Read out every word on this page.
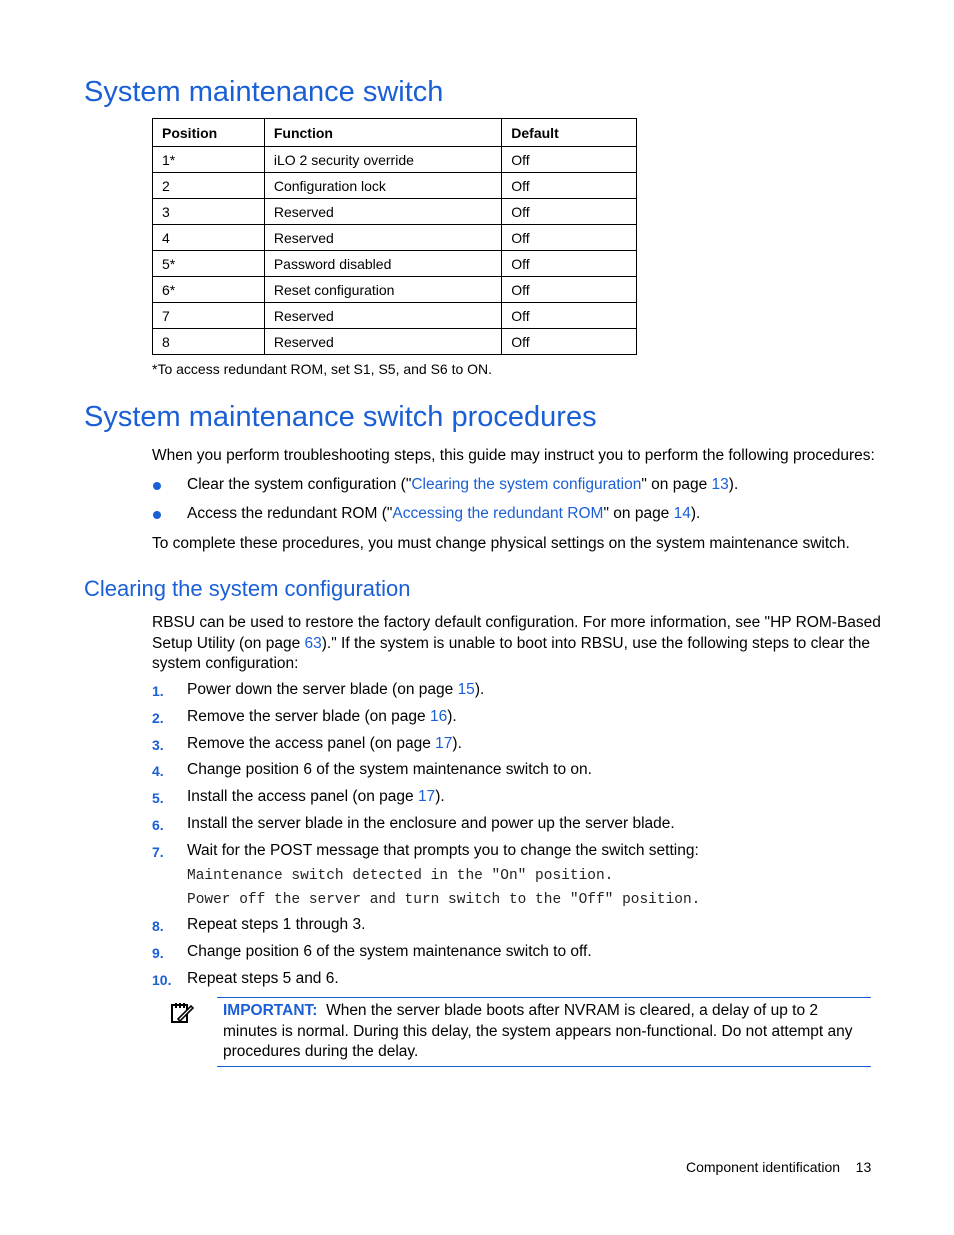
System maintenance switch
Position	Function	Default
1*	iLO 2 security override	Off
2	Configuration lock	Off
3	Reserved	Off
4	Reserved	Off
5*	Password disabled	Off
6*	Reset configuration	Off
7	Reserved	Off
8	Reserved	Off
*To access redundant ROM, set S1, S5, and S6 to ON.
System maintenance switch procedures
When you perform troubleshooting steps, this guide may instruct you to perform the following procedures:
Clear the system configuration ("Clearing the system configuration" on page 13).
Access the redundant ROM ("Accessing the redundant ROM" on page 14).
To complete these procedures, you must change physical settings on the system maintenance switch.
Clearing the system configuration
RBSU can be used to restore the factory default configuration. For more information, see "HP ROM-Based
Setup Utility (on page 63)." If the system is unable to boot into RBSU, use the following steps to clear the
system configuration:
1. Power down the server blade (on page 15).
2. Remove the server blade (on page 16).
3. Remove the access panel (on page 17).
4. Change position 6 of the system maintenance switch to on.
5. Install the access panel (on page 17).
6. Install the server blade in the enclosure and power up the server blade.
7. Wait for the POST message that prompts you to change the switch setting:
Maintenance switch detected in the "On" position.
Power off the server and turn switch to the "Off" position.
8. Repeat steps 1 through 3.
9. Change position 6 of the system maintenance switch to off.
10. Repeat steps 5 and 6.
IMPORTANT: When the server blade boots after NVRAM is cleared, a delay of up to 2
minutes is normal. During this delay, the system appears non-functional. Do not attempt any
procedures during the delay.
Component identification 13
